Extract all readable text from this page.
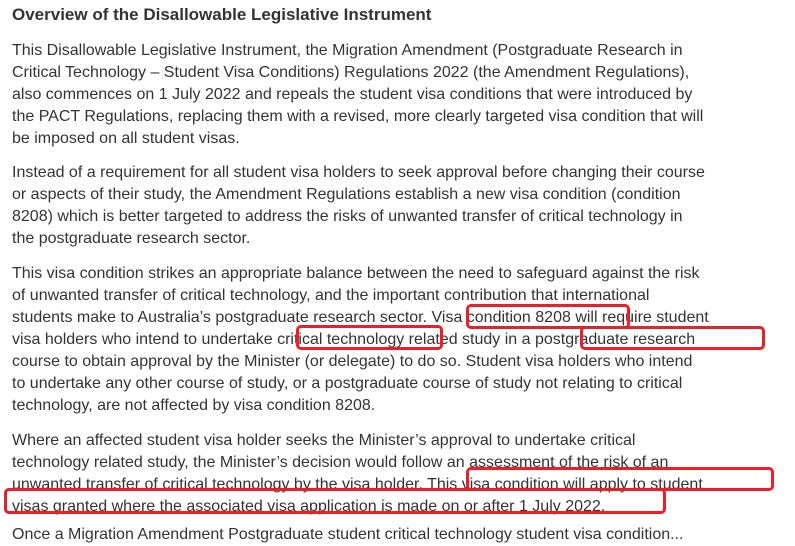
Overview of the Disallowable Legislative Instrument

This Disallowable Legislative Instrument, the Migration Amendment (Postgraduate Research in

Critical Technology – Student Visa Conditions) Regulations 2022 (the Amendment Regulations),

also commences on 1 July 2022 and repeals the student visa conditions that were introduced by

the PACT Regulations, replacing them with a revised, more clearly targeted visa condition that will

be imposed on all student visas.

Instead of a requirement for all student visa holders to seek approval before changing their course

or aspects of their study, the Amendment Regulations establish a new visa condition (condition

8208) which is better targeted to address the risks of unwanted transfer of critical technology in

the postgraduate research sector.

This visa condition strikes an appropriate balance between the need to safeguard against the risk

of unwanted transfer of critical technology, and the important contribution that international

students make to Australia’s postgraduate research sector. Visa condition 8208 will require student

visa holders who intend to undertake critical technology related study in a postgraduate research

course to obtain approval by the Minister (or delegate) to do so. Student visa holders who intend

to undertake any other course of study, or a postgraduate course of study not relating to critical

technology, are not affected by visa condition 8208.

Where an affected student visa holder seeks the Minister’s approval to undertake critical

technology related study, the Minister’s decision would follow an assessment of the risk of an

unwanted transfer of critical technology by the visa holder. This visa condition will apply to student

visas granted where the associated visa application is made on or after 1 July 2022.

Once a Migration Amendment Postgraduate student critical technology student visa condition...
